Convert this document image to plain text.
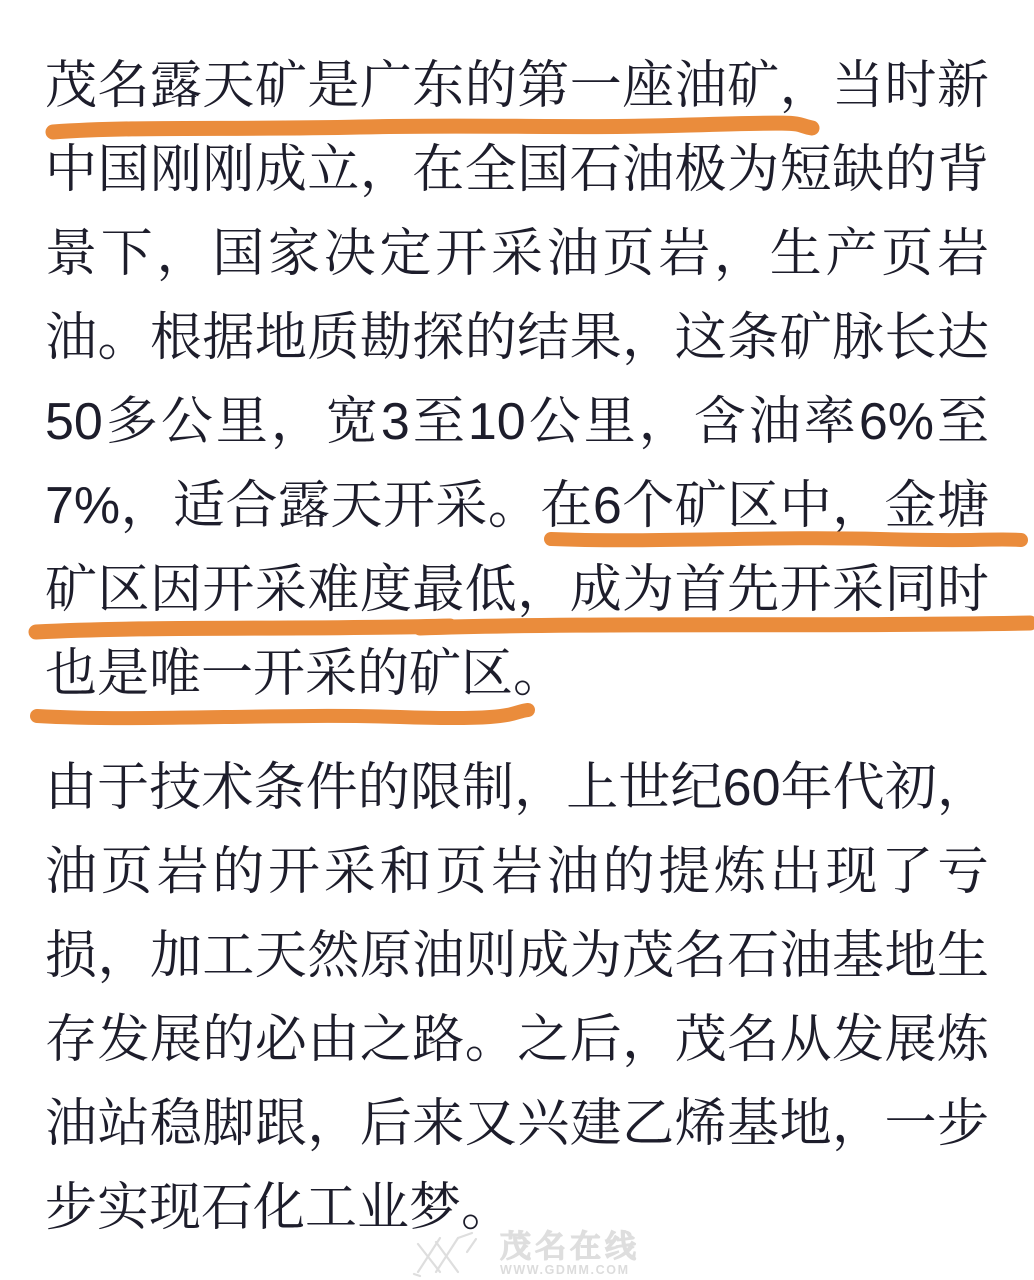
茂名露天矿是广东的第一座油矿，当时新
中国刚刚成立，在全国石油极为短缺的背
景下，国家决定开采油页岩，生产页岩
油。根据地质勘探的结果，这条矿脉长达
50多公里，宽3至10公里，含油率6%至
7%，适合露天开采。在6个矿区中，金塘
矿区因开采难度最低，成为首先开采同时
也是唯一开采的矿区。
由于技术条件的限制，上世纪60年代初，
油页岩的开采和页岩油的提炼出现了亏
损，加工天然原油则成为茂名石油基地生
存发展的必由之路。之后，茂名从发展炼
油站稳脚跟，后来又兴建乙烯基地，一步
步实现石化工业梦。
茂名在线
WWW.GDMM.COM
